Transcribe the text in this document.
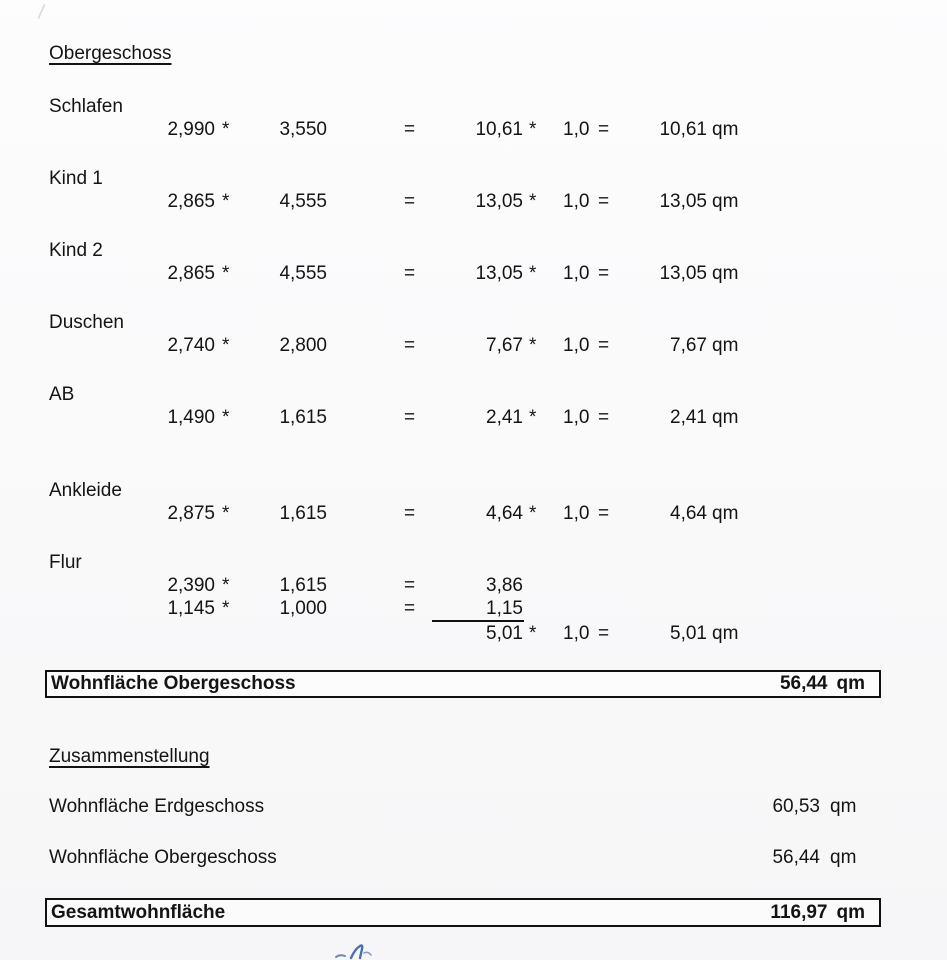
Obergeschoss
Schlafen
2,990 *	3,550	=	10,61 * 1,0 =	10,61 qm
Kind 1
2,865 *	4,555	=	13,05 * 1,0 =	13,05 qm
Kind 2
2,865 *	4,555	=	13,05 * 1,0 =	13,05 qm
Duschen
2,740 *	2,800	=	7,67 * 1,0 =	7,67 qm
AB
1,490 *	1,615	=	2,41 * 1,0 =	2,41 qm
Ankleide
2,875 *	1,615	=	4,64 * 1,0 =	4,64 qm
Flur
2,390 *	1,615	=	3,86
1,145 *	1,000	=	1,15
5,01 * 1,0 =	5,01 qm
Wohnfläche Obergeschoss	56,44 qm
Zusammenstellung
Wohnfläche Erdgeschoss	60,53 qm
Wohnfläche Obergeschoss	56,44 qm
Gesamtwohnfläche	116,97 qm
